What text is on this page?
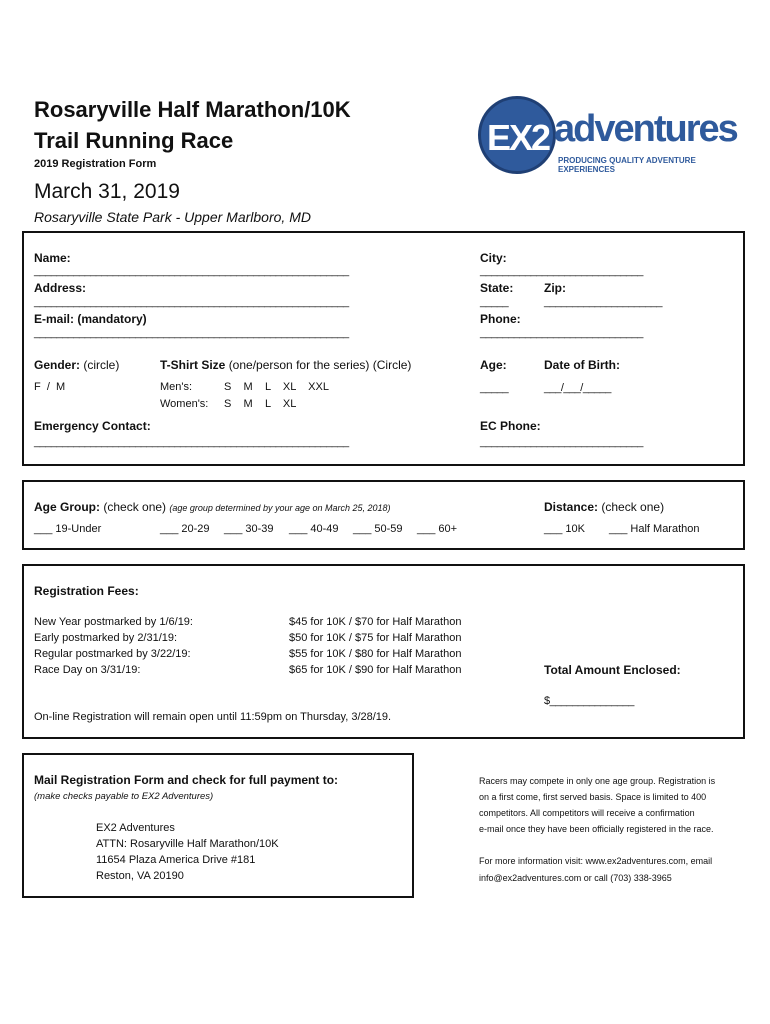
Rosaryville Half Marathon/10K
Trail Running Race
2019 Registration Form
March 31, 2019
Rosaryville State Park - Upper Marlboro, MD
EX2 adventures
PRODUCING QUALITY ADVENTURE EXPERIENCES
Name:
________________________________________________________
Address:
________________________________________________________
E-mail: (mandatory)
________________________________________________________
City:
_____________________________
State:	Zip:
_____	_____________________
Phone:
_____________________________
Gender: (circle)
F  /  M
T-Shirt Size (one/person for the series) (Circle)
Men's:	S    M    L    XL    XXL
Women's: S    M    L    XL
Age:
_____
Date of Birth:
___/___/_____
Emergency Contact:
________________________________________________________
EC Phone:
_____________________________
Age Group: (check one) (age group determined by your age on March 25, 2018)
___ 19-Under	___ 20-29 ___ 30-39 ___ 40-49 ___ 50-59 ___ 60+
Distance: (check one)
___ 10K ___ Half Marathon
Registration Fees:
New Year postmarked by 1/6/19:	$45 for 10K / $70 for Half Marathon
Early postmarked by 2/31/19:	$50 for 10K / $75 for Half Marathon
Regular postmarked by 3/22/19:	$55 for 10K / $80 for Half Marathon
Race Day on 3/31/19:	$65 for 10K / $90 for Half Marathon	Total Amount Enclosed:
$_______________
On-line Registration will remain open until 11:59pm on Thursday, 3/28/19.
Mail Registration Form and check for full payment to:
(make checks payable to EX2 Adventures)
EX2 Adventures
ATTN: Rosaryville Half Marathon/10K
11654 Plaza America Drive #181
Reston, VA 20190
Racers may compete in only one age group. Registration is
on a first come, first served basis. Space is limited to 400
competitors. All competitors will receive a confirmation
e-mail once they have been officially registered in the race.
For more information visit: www.ex2adventures.com, email
info@ex2adventures.com or call (703) 338-3965
